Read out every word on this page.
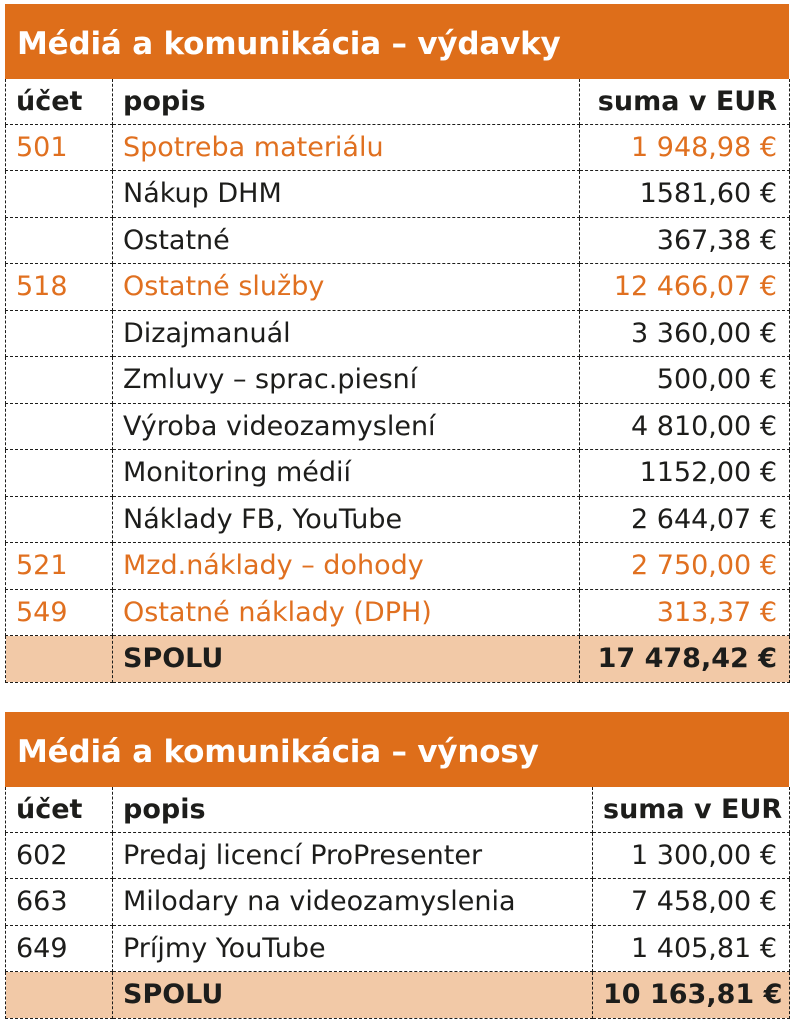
Médiá a komunikácia – výdavky
účet	popis	suma v EUR
501	Spotreba materiálu	1 948,98 €
	Nákup DHM	1581,60 €
	Ostatné	367,38 €
518	Ostatné služby	12 466,07 €
	Dizajmanuál	3 360,00 €
	Zmluvy – sprac.piesní	500,00 €
	Výroba videozamyslení	4 810,00 €
	Monitoring médií	1152,00 €
	Náklady FB, YouTube	2 644,07 €
521	Mzd.náklady – dohody	2 750,00 €
549	Ostatné náklady (DPH)	313,37 €
	SPOLU	17 478,42 €
Médiá a komunikácia – výnosy
účet	popis	suma v EUR
602	Predaj licencí ProPresenter	1 300,00 €
663	Milodary na videozamyslenia	7 458,00 €
649	Príjmy YouTube	1 405,81 €
	SPOLU	10 163,81 €
